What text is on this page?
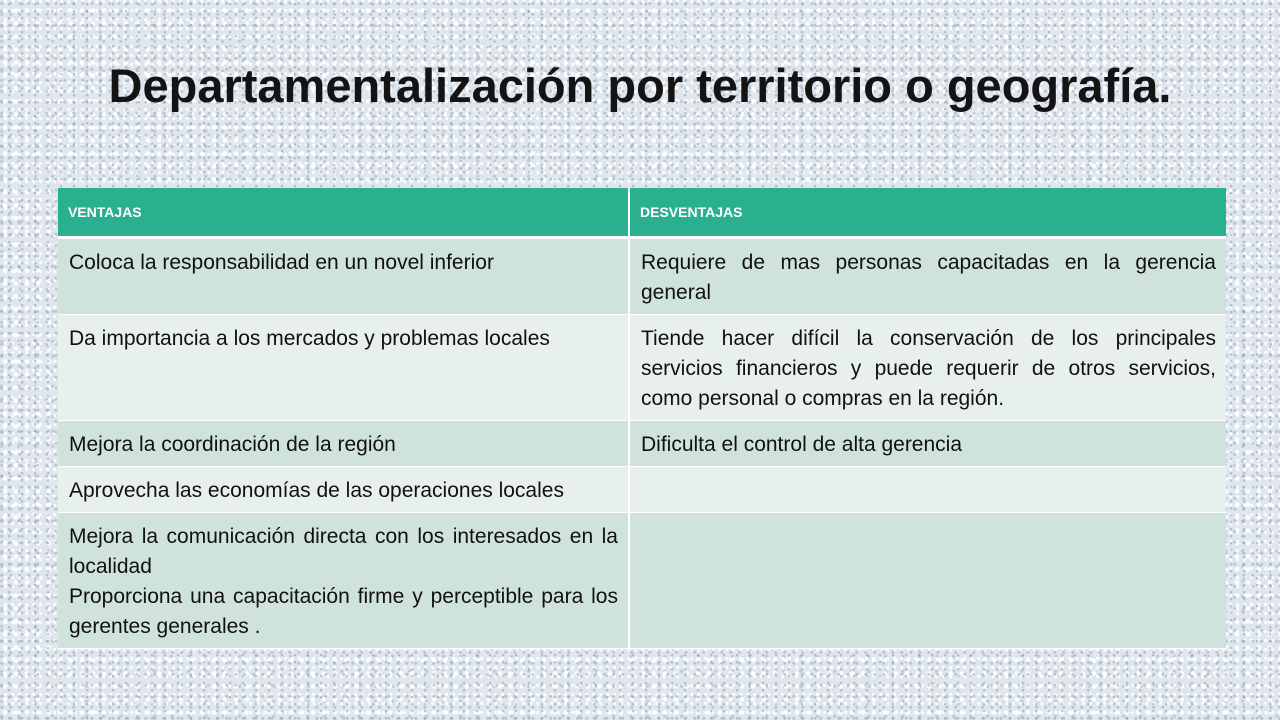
Departamentalización por territorio o geografía.
VENTAJAS	DESVENTAJAS

Coloca la responsabilidad en un novel inferior	Requiere de mas personas capacitadas en la gerencia general

Da importancia a los mercados y problemas locales	Tiende hacer difícil la conservación de los principales servicios financieros y puede requerir de otros servicios, como personal o compras en la región.

Mejora la coordinación de la región	Dificulta el control de alta gerencia

Aprovecha las economías de las operaciones locales	

Mejora la comunicación directa con los interesados en la localidad
Proporciona una capacitación firme y perceptible para los gerentes generales .	
